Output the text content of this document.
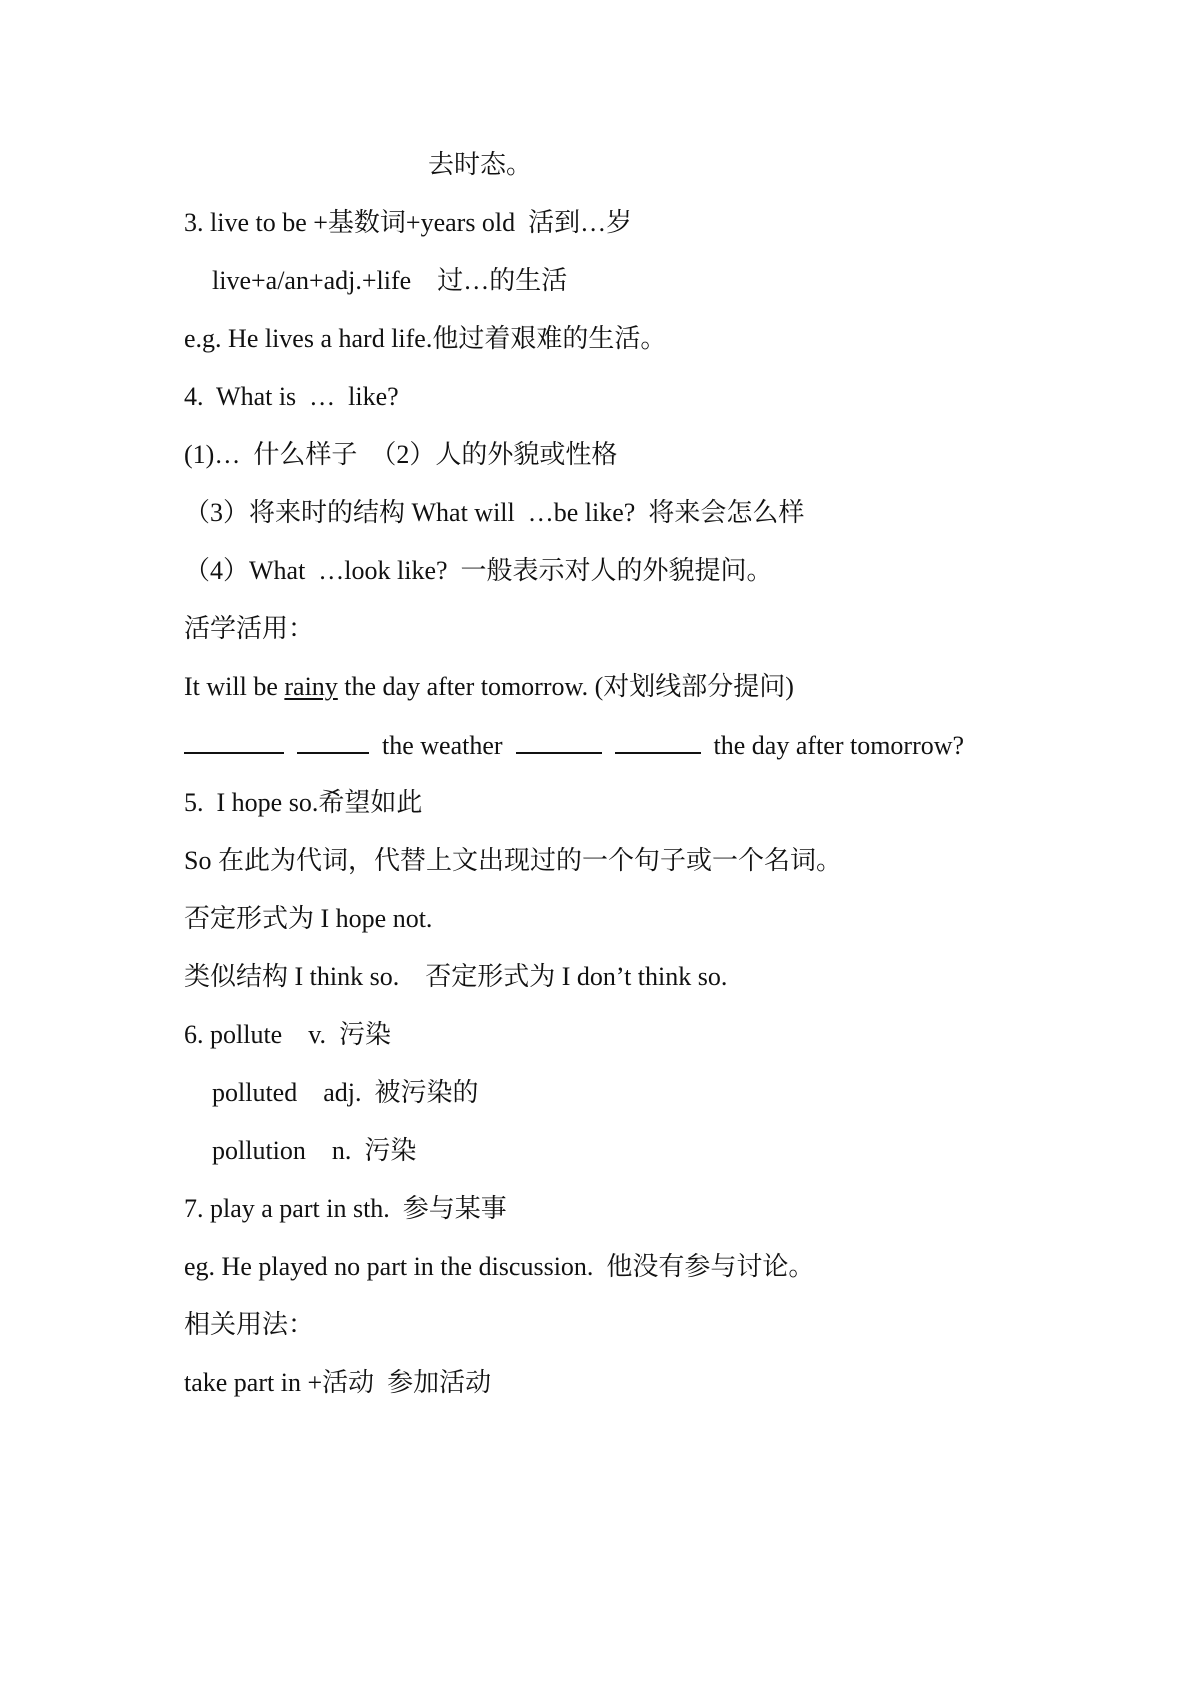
去时态。
3. live to be +基数词+years old  活到…岁
live+a/an+adj.+life    过…的生活
e.g. He lives a hard life.他过着艰难的生活。
4.  What is  …  like?
(1)…  什么样子  （2）人的外貌或性格
（3）将来时的结构 What will  …be like?  将来会怎么样
（4）What  …look like?  一般表示对人的外貌提问。
活学活用：
It will be rainy the day after tomorrow. (对划线部分提问)
the weather	the day after tomorrow?
5.  I hope so.希望如此
So 在此为代词，代替上文出现过的一个句子或一个名词。
否定形式为 I hope not.
类似结构 I think so.    否定形式为 I don’t think so.
6. pollute    v.  污染
polluted    adj.  被污染的
pollution    n.  污染
7. play a part in sth.  参与某事
eg. He played no part in the discussion.  他没有参与讨论。
相关用法：
take part in +活动  参加活动
